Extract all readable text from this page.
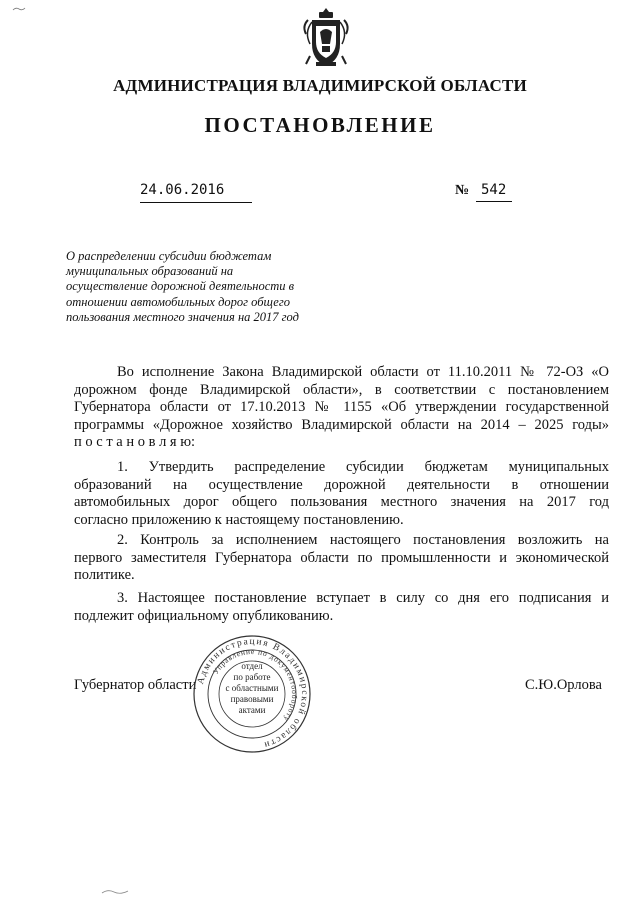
АДМИНИСТРАЦИЯ ВЛАДИМИРСКОЙ ОБЛАСТИ
ПОСТАНОВЛЕНИЕ
24.06.2016	№ 542
О распределении субсидии бюджетам
муниципальных образований на
осуществление дорожной деятельности в
отношении автомобильных дорог общего
пользования местного значения на 2017 год
Во исполнение Закона Владимирской области от 11.10.2011 № 72-ОЗ «О
дорожном фонде Владимирской области», в соответствии с постановлением
Губернатора области от 17.10.2013 № 1155 «Об утверждении государственной
программы «Дорожное хозяйство Владимирской области на 2014 – 2025 годы»
п о с т а н о в л я ю:
1. Утвердить распределение субсидии бюджетам муниципальных
образований на осуществление дорожной деятельности в отношении
автомобильных дорог общего пользования местного значения на 2017 год
согласно приложению к настоящему постановлению.
2. Контроль за исполнением настоящего постановления возложить на
первого заместителя Губернатора области по промышленности и экономической
политике.
3. Настоящее постановление вступает в силу со дня его подписания и
подлежит официальному опубликованию.
Губернатор области	С.Ю.Орлова
Администрация Владимирской области
Управление по документообороту
отдел
по работе
с областными
правовыми
актами
